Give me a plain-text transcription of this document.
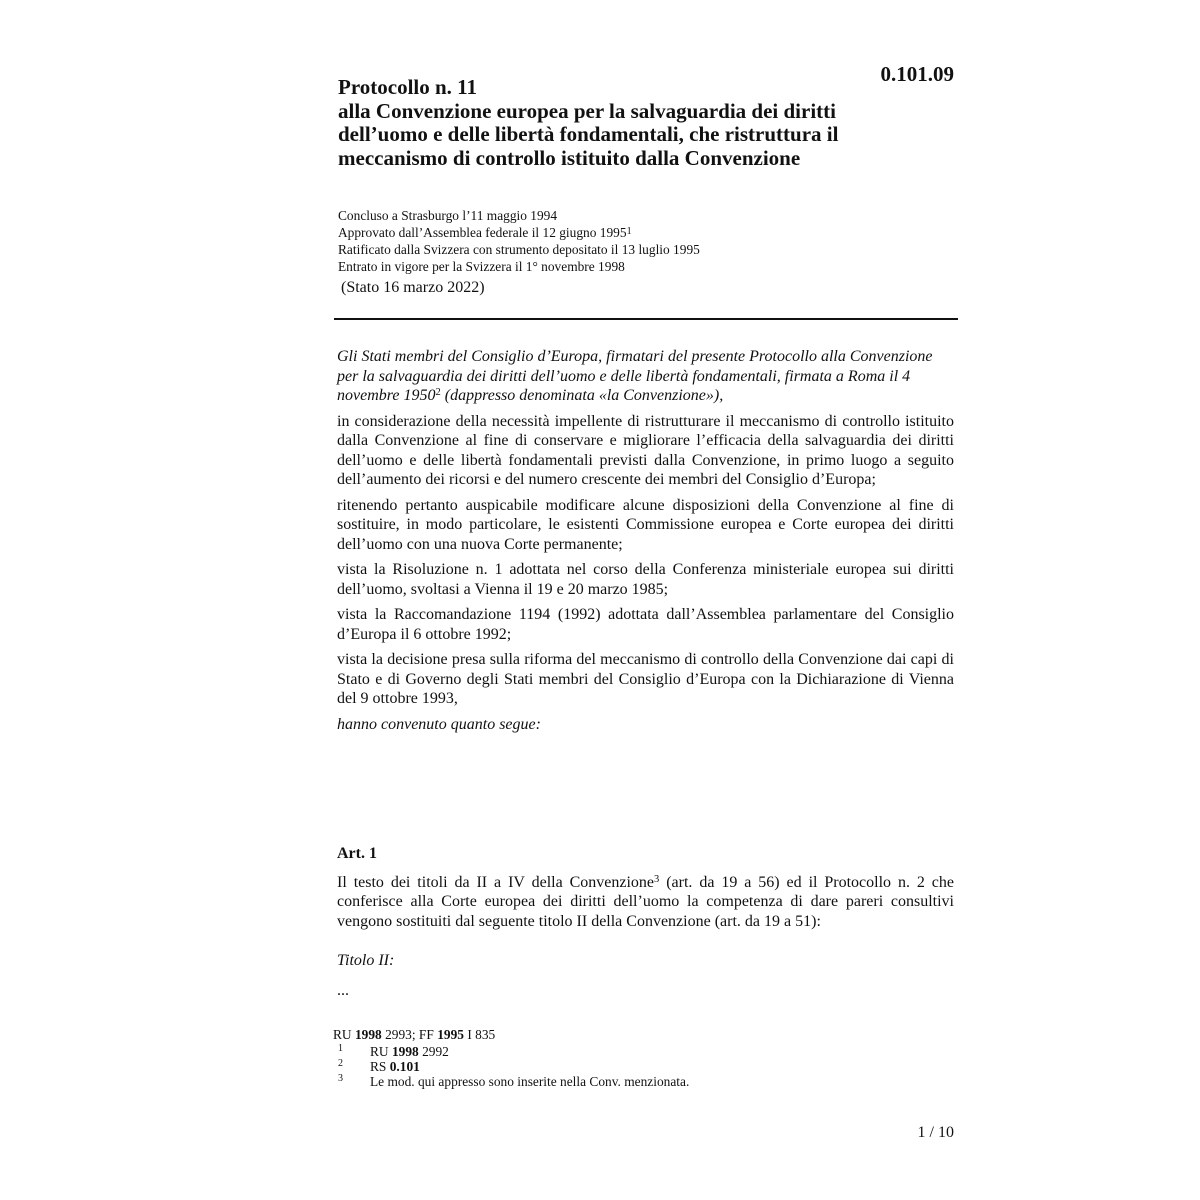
0.101.09
Protocollo n. 11
alla Convenzione europea per la salvaguardia dei diritti
dell’uomo e delle libertà fondamentali, che ristruttura il
meccanismo di controllo istituito dalla Convenzione
Concluso a Strasburgo l’11 maggio 1994
Approvato dall’Assemblea federale il 12 giugno 1995$^1$
Ratificato dalla Svizzera con strumento depositato il 13 luglio 1995
Entrato in vigore per la Svizzera il 1° novembre 1998
(Stato 16 marzo 2022)

Gli Stati membri del Consiglio d’Europa, firmatari del presente Protocollo alla Convenzione per la salvaguardia dei diritti dell’uomo e delle libertà fondamentali, firmata a Roma il 4 novembre 1950$^2$ (dappresso denominata «la Convenzione»),

in considerazione della necessità impellente di ristrutturare il meccanismo di controllo istituito dalla Convenzione al fine di conservare e migliorare l’efficacia della salvaguardia dei diritti dell’uomo e delle libertà fondamentali previsti dalla Convenzione, in primo luogo a seguito dell’aumento dei ricorsi e del numero crescente dei membri del Consiglio d’Europa;

ritenendo pertanto auspicabile modificare alcune disposizioni della Convenzione al fine di sostituire, in modo particolare, le esistenti Commissione europea e Corte europea dei diritti dell’uomo con una nuova Corte permanente;

vista la Risoluzione n. 1 adottata nel corso della Conferenza ministeriale europea sui diritti dell’uomo, svoltasi a Vienna il 19 e 20 marzo 1985;

vista la Raccomandazione 1194 (1992) adottata dall’Assemblea parlamentare del Consiglio d’Europa il 6 ottobre 1992;

vista la decisione presa sulla riforma del meccanismo di controllo della Convenzione dai capi di Stato e di Governo degli Stati membri del Consiglio d’Europa con la Dichiarazione di Vienna del 9 ottobre 1993,

hanno convenuto quanto segue:

Art. 1

Il testo dei titoli da II a IV della Convenzione$^3$ (art. da 19 a 56) ed il Protocollo n. 2 che conferisce alla Corte europea dei diritti dell’uomo la competenza di dare pareri consultivi vengono sostituiti dal seguente titolo II della Convenzione (art. da 19 a 51):

Titolo II:
...
RU 1998 2993; FF 1995 I 835
1 RU 1998 2992
2 RS 0.101
3 Le mod. qui appresso sono inserite nella Conv. menzionata.
1 / 10
